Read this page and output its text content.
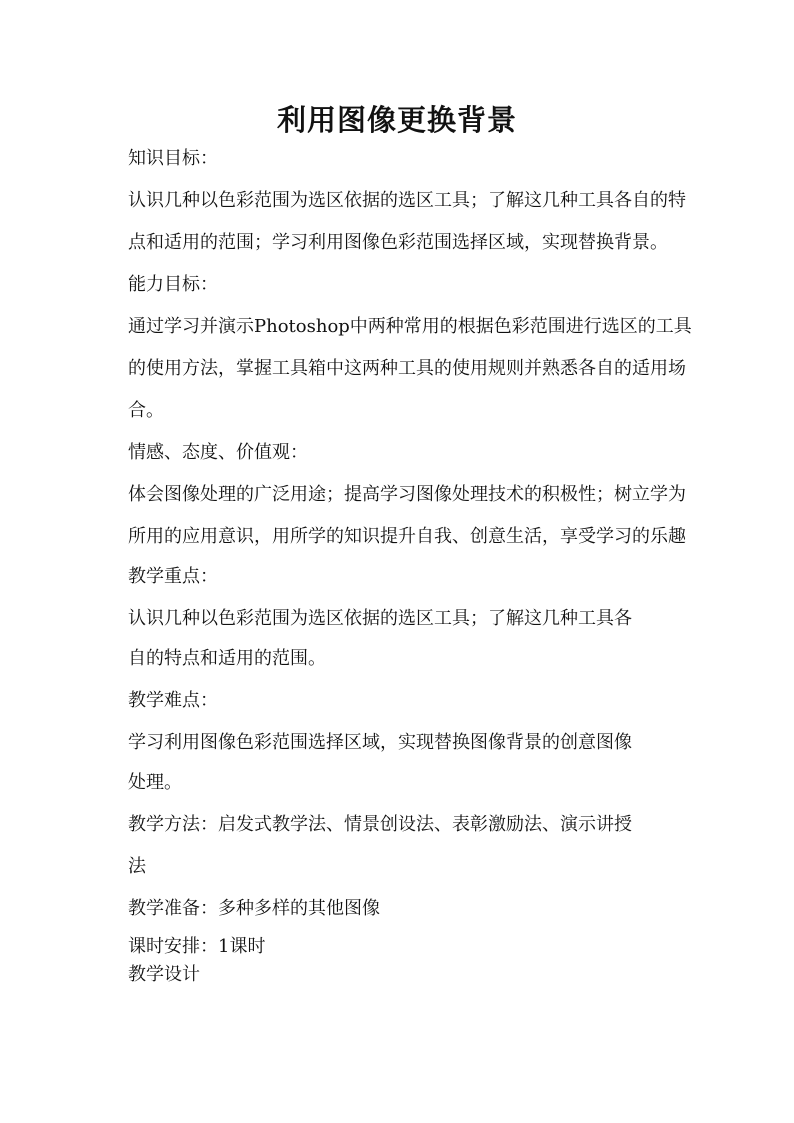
利用图像更换背景
知识目标：
认识几种以色彩范围为选区依据的选区工具；了解这几种工具各自的特
点和适用的范围；学习利用图像色彩范围选择区域，实现替换背景。
能力目标：
通过学习并演示Photoshop中两种常用的根据色彩范围进行选区的工具
的使用方法，掌握工具箱中这两种工具的使用规则并熟悉各自的适用场
合。
情感、态度、价值观：
体会图像处理的广泛用途；提高学习图像处理技术的积极性；树立学为
所用的应用意识，用所学的知识提升自我、创意生活，享受学习的乐趣
教学重点：
认识几种以色彩范围为选区依据的选区工具；了解这几种工具各
自的特点和适用的范围。
教学难点：
学习利用图像色彩范围选择区域，实现替换图像背景的创意图像
处理。
教学方法：启发式教学法、情景创设法、表彰激励法、演示讲授
法
教学准备：多种多样的其他图像
课时安排：1课时
教学设计
